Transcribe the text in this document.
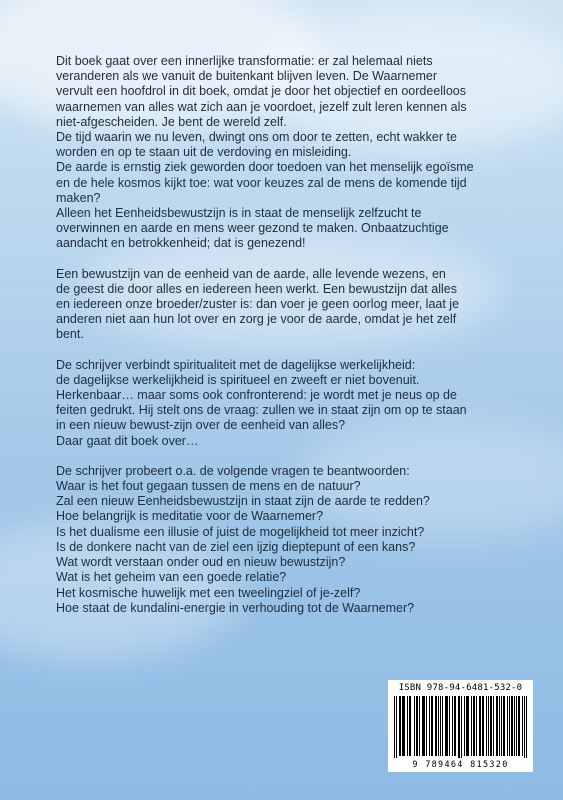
Dit boek gaat over een innerlijke transformatie: er zal helemaal niets

veranderen als we vanuit de buitenkant blijven leven. De Waarnemer

vervult een hoofdrol in dit boek, omdat je door het objectief en oordeelloos

waarnemen van alles wat zich aan je voordoet, jezelf zult leren kennen als

niet-afgescheiden. Je bent de wereld zelf.

De tijd waarin we nu leven, dwingt ons om door te zetten, echt wakker te

worden en op te staan uit de verdoving en misleiding.

De aarde is ernstig ziek geworden door toedoen van het menselijk egoïsme

en de hele kosmos kijkt toe: wat voor keuzes zal de mens de komende tijd

maken?

Alleen het Eenheidsbewustzijn is in staat de menselijk zelfzucht te

overwinnen en aarde en mens weer gezond te maken. Onbaatzuchtige

aandacht en betrokkenheid; dat is genezend!

Een bewustzijn van de eenheid van de aarde, alle levende wezens, en

de geest die door alles en iedereen heen werkt. Een bewustzijn dat alles

en iedereen onze broeder/zuster is: dan voer je geen oorlog meer, laat je

anderen niet aan hun lot over en zorg je voor de aarde, omdat je het zelf

bent.

De schrijver verbindt spiritualiteit met de dagelijkse werkelijkheid:

de dagelijkse werkelijkheid is spiritueel en zweeft er niet bovenuit.

Herkenbaar… maar soms ook confronterend: je wordt met je neus op de

feiten gedrukt. Hij stelt ons de vraag: zullen we in staat zijn om op te staan

in een nieuw bewust-zijn over de eenheid van alles?

Daar gaat dit boek over…

De schrijver probeert o.a. de volgende vragen te beantwoorden:

Waar is het fout gegaan tussen de mens en de natuur?

Zal een nieuw Eenheidsbewustzijn in staat zijn de aarde te redden?

Hoe belangrijk is meditatie voor de Waarnemer?

Is het dualisme een illusie of juist de mogelijkheid tot meer inzicht?

Is de donkere nacht van de ziel een ijzig dieptepunt of een kans?

Wat wordt verstaan onder oud en nieuw bewustzijn?

Wat is het geheim van een goede relatie?

Het kosmische huwelijk met een tweelingziel of je-zelf?

Hoe staat de kundalini-energie in verhouding tot de Waarnemer?

ISBN 978-94-6481-532-0
9 789464 815320
